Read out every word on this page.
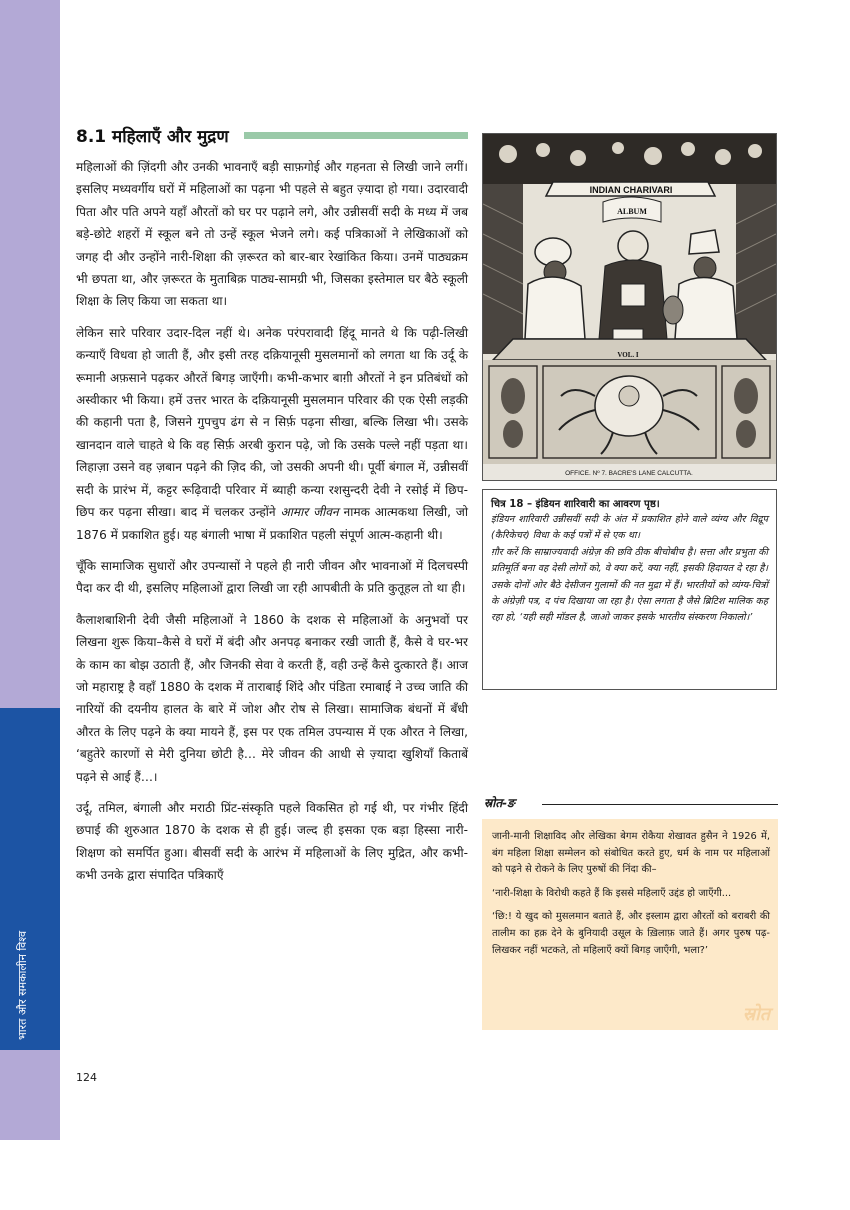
भारत और समकालीन विश्व
8.1 महिलाएँ और मुद्रण

महिलाओं की ज़िंदगी और उनकी भावनाएँ बड़ी साफ़गोई और गहनता से लिखी जाने लगीं। इसलिए मध्यवर्गीय घरों में महिलाओं का पढ़ना भी पहले से बहुत ज़्यादा हो गया। उदारवादी पिता और पति अपने यहाँ औरतों को घर पर पढ़ाने लगे, और उन्नीसवीं सदी के मध्य में जब बड़े-छोटे शहरों में स्कूल बने तो उन्हें स्कूल भेजने लगे। कई पत्रिकाओं ने लेखिकाओं को जगह दी और उन्होंने नारी-शिक्षा की ज़रूरत को बार-बार रेखांकित किया। उनमें पाठ्यक्रम भी छपता था, और ज़रूरत के मुताबिक़ पाठ्य-सामग्री भी, जिसका इस्तेमाल घर बैठे स्कूली शिक्षा के लिए किया जा सकता था।

लेकिन सारे परिवार उदार-दिल नहीं थे। अनेक परंपरावादी हिंदू मानते थे कि पढ़ी-लिखी कन्याएँ विधवा हो जाती हैं, और इसी तरह दक़ियानूसी मुसलमानों को लगता था कि उर्दू के रूमानी अफ़साने पढ़कर औरतें बिगड़ जाएँगी। कभी-कभार बाग़ी औरतों ने इन प्रतिबंधों को अस्वीकार भी किया। हमें उत्तर भारत के दक़ियानूसी मुसलमान परिवार की एक ऐसी लड़की की कहानी पता है, जिसने गुपचुप ढंग से न सिर्फ़ पढ़ना सीखा, बल्कि लिखा भी। उसके खानदान वाले चाहते थे कि वह सिर्फ़ अरबी कुरान पढ़े, जो कि उसके पल्ले नहीं पड़ता था। लिहाज़ा उसने वह ज़बान पढ़ने की ज़िद की, जो उसकी अपनी थी। पूर्वी बंगाल में, उन्नीसवीं सदी के प्रारंभ में, कट्टर रूढ़िवादी परिवार में ब्याही कन्या रशसुन्दरी देवी ने रसोई में छिप-छिप कर पढ़ना सीखा। बाद में चलकर उन्होंने आमार जीवन नामक आत्मकथा लिखी, जो 1876 में प्रकाशित हुई। यह बंगाली भाषा में प्रकाशित पहली संपूर्ण आत्म-कहानी थी।

चूँकि सामाजिक सुधारों और उपन्यासों ने पहले ही नारी जीवन और भावनाओं में दिलचस्पी पैदा कर दी थी, इसलिए महिलाओं द्वारा लिखी जा रही आपबीती के प्रति कुतूहल तो था ही।

कैलाशबाशिनी देवी जैसी महिलाओं ने 1860 के दशक से महिलाओं के अनुभवों पर लिखना शुरू किया–कैसे वे घरों में बंदी और अनपढ़ बनाकर रखी जाती हैं, कैसे वे घर-भर के काम का बोझ उठाती हैं, और जिनकी सेवा वे करती हैं, वही उन्हें कैसे दुत्कारते हैं। आज जो महाराष्ट्र है वहाँ 1880 के दशक में ताराबाई शिंदे और पंडिता रमाबाई ने उच्च जाति की नारियों की दयनीय हालत के बारे में जोश और रोष से लिखा। सामाजिक बंधनों में बँधी औरत के लिए पढ़ने के क्या मायने हैं, इस पर एक तमिल उपन्यास में एक औरत ने लिखा, ‘बहुतेरे कारणों से मेरी दुनिया छोटी है… मेरे जीवन की आधी से ज़्यादा खुशियाँ किताबें पढ़ने से आई हैं…।

उर्दू, तमिल, बंगाली और मराठी प्रिंट-संस्कृति पहले विकसित हो गई थी, पर गंभीर हिंदी छपाई की शुरुआत 1870 के दशक से ही हुई। जल्द ही इसका एक बड़ा हिस्सा नारी-शिक्षण को समर्पित हुआ। बीसवीं सदी के आरंभ में महिलाओं के लिए मुद्रित, और कभी-कभी उनके द्वारा संपादित पत्रिकाएँ

INDIAN CHARIVARI
ALBUM
VOL. I
OFFICE. Nº 7. BACRE'S LANE CALCUTTA.
चित्र 18 – इंडियन शारिवारी का आवरण पृष्ठ।

इंडियन शारिवारी उन्नीसवीं सदी के अंत में प्रकाशित होने वाले व्यंग्य और विद्रूप (कैरिकेचर) विधा के कई पत्रों में से एक था।

ग़ौर करें कि साम्राज्यवादी अंग्रेज़ की छवि ठीक बीचोबीच है। सत्ता और प्रभुता की प्रतिमूर्ति बना वह देसी लोगों को, वे क्या करें, क्या नहीं, इसकी हिदायत दे रहा है। उसके दोनों ओर बैठे देसीजन गुलामों की नत मुद्रा में हैं। भारतीयों को व्यंग्य-चित्रों के अंग्रेज़ी पत्र, द पंच दिखाया जा रहा है। ऐसा लगता है जैसे ब्रिटिश मालिक कह रहा हो, ‘यही सही मॉडल है, जाओ जाकर इसके भारतीय संस्करण निकालो।’

स्रोत-ङ

जानी-मानी शिक्षाविद और लेखिका बेगम रोकैया शेखावत हुसैन ने 1926 में, बंग महिला शिक्षा सम्मेलन को संबोधित करते हुए, धर्म के नाम पर महिलाओं को पढ़ने से रोकने के लिए पुरुषों की निंदा की–

‘नारी-शिक्षा के विरोधी कहते हैं कि इससे महिलाएँ उद्दंड हो जाएँगी...

‘छि:! ये खुद को मुसलमान बताते हैं, और इस्लाम द्वारा औरतों को बराबरी की तालीम का हक़ देने के बुनियादी उसूल के ख़िलाफ़ जाते हैं। अगर पुरुष पढ़-लिखकर नहीं भटकते, तो महिलाएँ क्यों बिगड़ जाएँगी, भला?’

स्रोत
124
